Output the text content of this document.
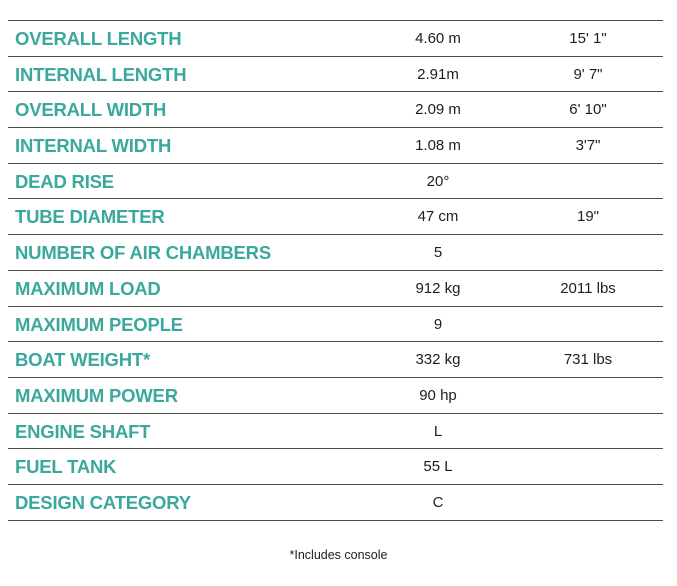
OVERALL LENGTH	4.60 m	15' 1"
INTERNAL LENGTH	2.91m	9' 7"
OVERALL WIDTH	2.09 m	6' 10"
INTERNAL WIDTH	1.08 m	3'7"
DEAD RISE	20°
TUBE DIAMETER	47 cm	19"
NUMBER OF AIR CHAMBERS	5
MAXIMUM LOAD	912 kg	2011 lbs
MAXIMUM PEOPLE	9
BOAT WEIGHT*	332 kg	731 lbs
MAXIMUM POWER	90 hp
ENGINE SHAFT	L
FUEL TANK	55 L
DESIGN CATEGORY	C
*Includes console
